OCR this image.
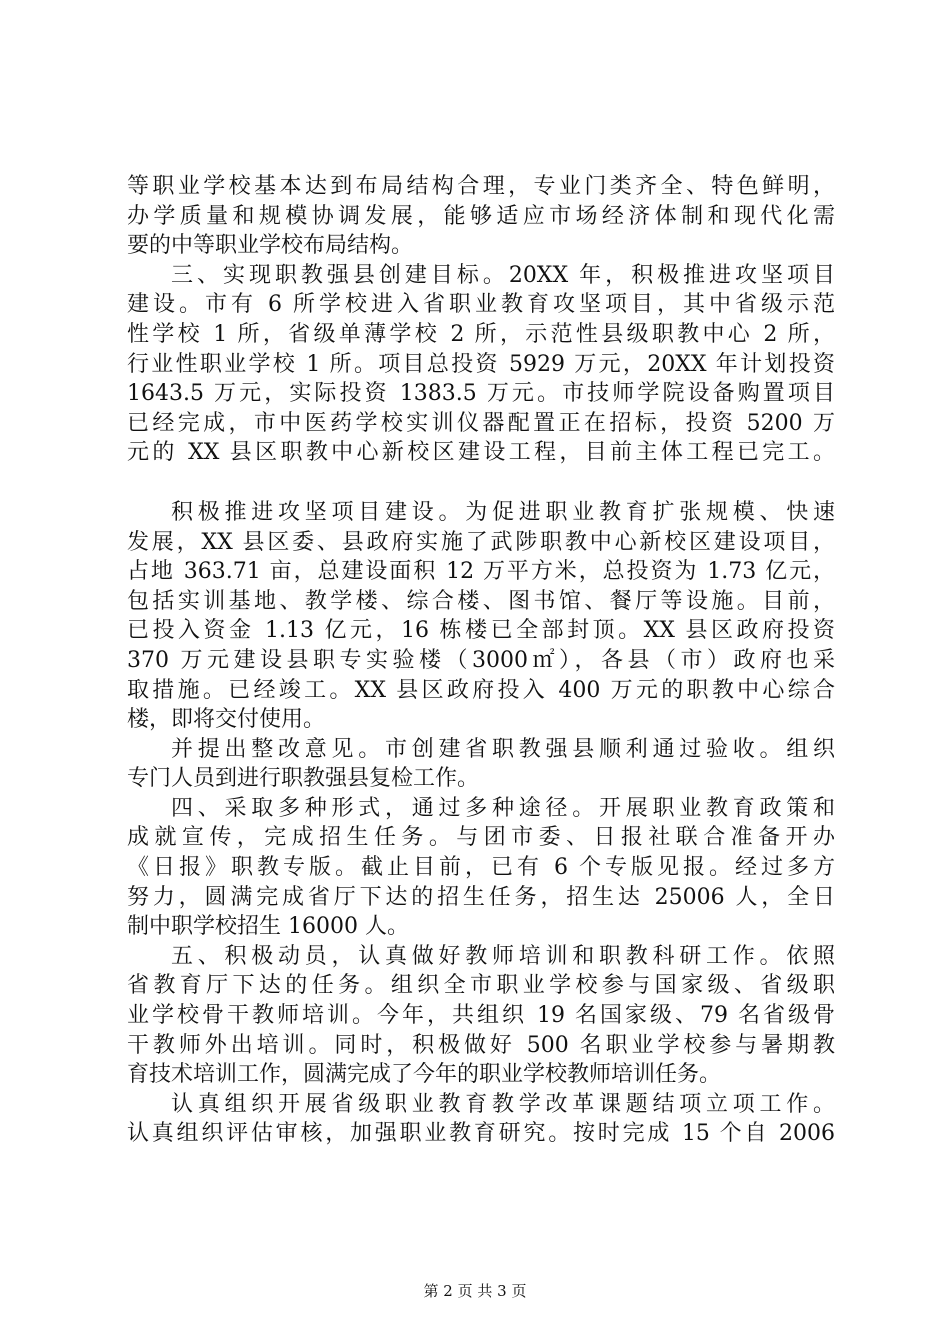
等职业学校基本达到布局结构合理，专业门类齐全、特色鲜明，
办学质量和规模协调发展，能够适应市场经济体制和现代化需
要的中等职业学校布局结构。
三、实现职教强县创建目标。20XX 年，积极推进攻坚项目
建设。市有 6 所学校进入省职业教育攻坚项目，其中省级示范
性学校 1 所，省级单薄学校 2 所，示范性县级职教中心 2 所，
行业性职业学校 1 所。项目总投资 5929 万元，20XX 年计划投资
1643.5 万元，实际投资 1383.5 万元。市技师学院设备购置项目
已经完成，市中医药学校实训仪器配置正在招标，投资 5200 万
元的 XX 县区职教中心新校区建设工程，目前主体工程已完工。
积极推进攻坚项目建设。为促进职业教育扩张规模、快速
发展，XX 县区委、县政府实施了武陟职教中心新校区建设项目，
占地 363.71 亩，总建设面积 12 万平方米，总投资为 1.73 亿元，
包括实训基地、教学楼、综合楼、图书馆、餐厅等设施。目前，
已投入资金 1.13 亿元，16 栋楼已全部封顶。XX 县区政府投资
370 万元建设县职专实验楼（3000㎡），各县（市）政府也采
取措施。已经竣工。XX 县区政府投入 400 万元的职教中心综合
楼，即将交付使用。
并提出整改意见。市创建省职教强县顺利通过验收。组织
专门人员到进行职教强县复检工作。
四、采取多种形式，通过多种途径。开展职业教育政策和
成就宣传，完成招生任务。与团市委、日报社联合准备开办
《日报》职教专版。截止目前，已有 6 个专版见报。经过多方
努力，圆满完成省厅下达的招生任务，招生达 25006 人，全日
制中职学校招生 16000 人。
五、积极动员，认真做好教师培训和职教科研工作。依照
省教育厅下达的任务。组织全市职业学校参与国家级、省级职
业学校骨干教师培训。今年，共组织 19 名国家级、79 名省级骨
干教师外出培训。同时，积极做好 500 名职业学校参与暑期教
育技术培训工作，圆满完成了今年的职业学校教师培训任务。
认真组织开展省级职业教育教学改革课题结项立项工作。
认真组织评估审核，加强职业教育研究。按时完成 15 个自 2006
第 2 页 共 3 页
